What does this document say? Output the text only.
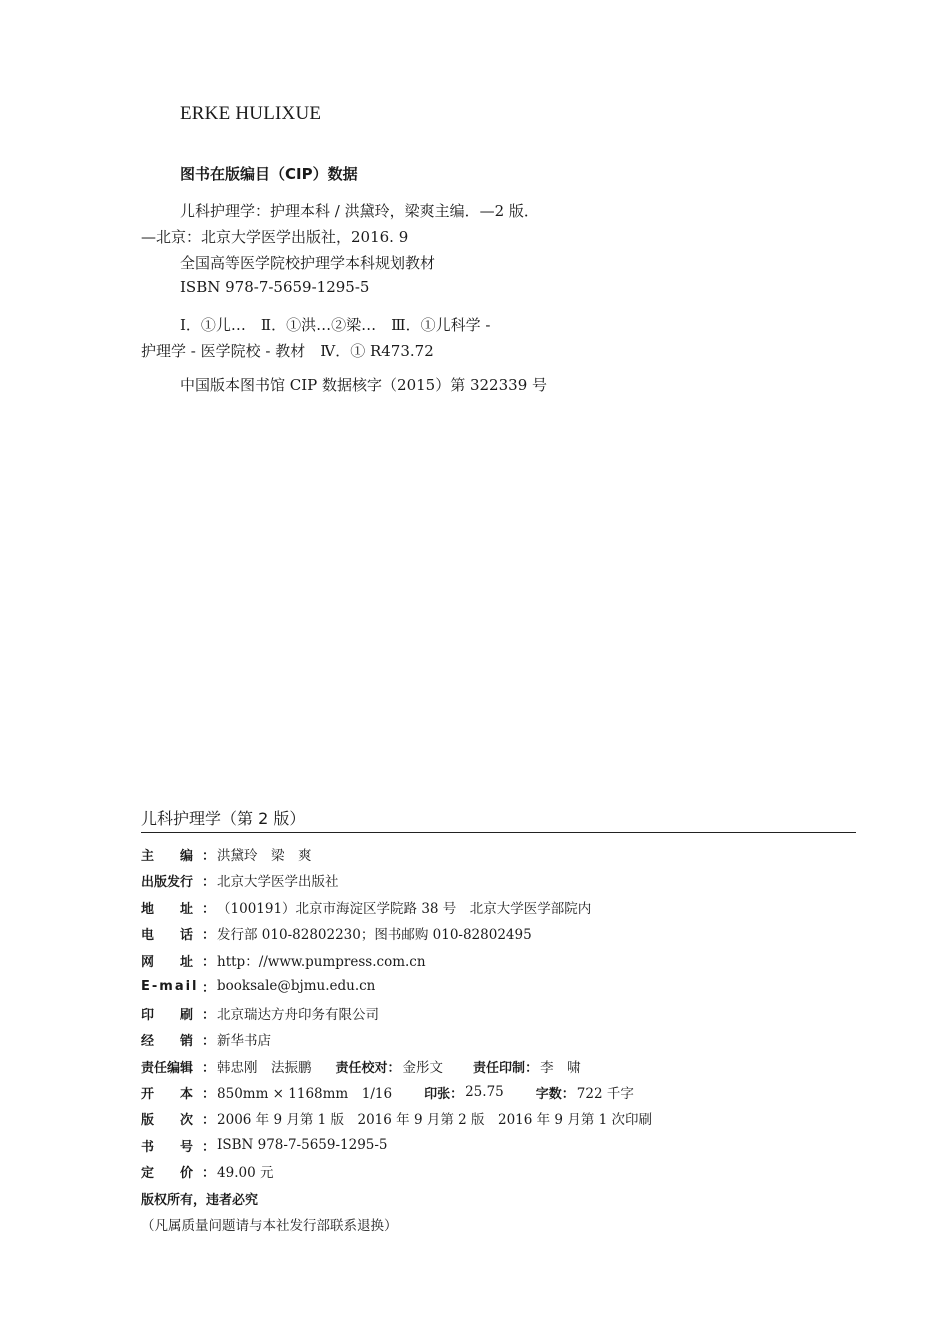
ERKE HULIXUE
图书在版编目（CIP）数据
儿科护理学：护理本科 / 洪黛玲，梁爽主编．—2 版．
—北京：北京大学医学出版社，2016. 9
全国高等医学院校护理学本科规划教材
ISBN 978-7-5659-1295-5
Ⅰ．①儿…　Ⅱ．①洪…②梁…　Ⅲ．①儿科学 -
护理学 - 医学院校 - 教材　Ⅳ．① R473.72
中国版本图书馆 CIP 数据核字（2015）第 322339 号
儿科护理学（第 2 版）
主　　编 ： 洪黛玲　梁　爽
出版发行 ： 北京大学医学出版社
地　　址 ： （100191）北京市海淀区学院路 38 号　北京大学医学部院内
电　　话 ： 发行部 010-82802230；图书邮购 010-82802495
网　　址 ： http：//www.pumpress.com.cn
E-mail ： booksale@bjmu.edu.cn
印　　刷 ： 北京瑞达方舟印务有限公司
经　　销 ： 新华书店
责任编辑 ： 韩忠刚　法振鹏 责任校对 ： 金彤文 责任印制 ： 李　啸
开　　本 ： 850mm × 1168mm　1/16 印张 ： 25.75 字数 ： 722 千字
版　　次 ： 2006 年 9 月第 1 版　2016 年 9 月第 2 版　2016 年 9 月第 1 次印刷
书　　号 ： ISBN 978-7-5659-1295-5
定　　价 ： 49.00 元
版权所有，违者必究
（凡属质量问题请与本社发行部联系退换）
